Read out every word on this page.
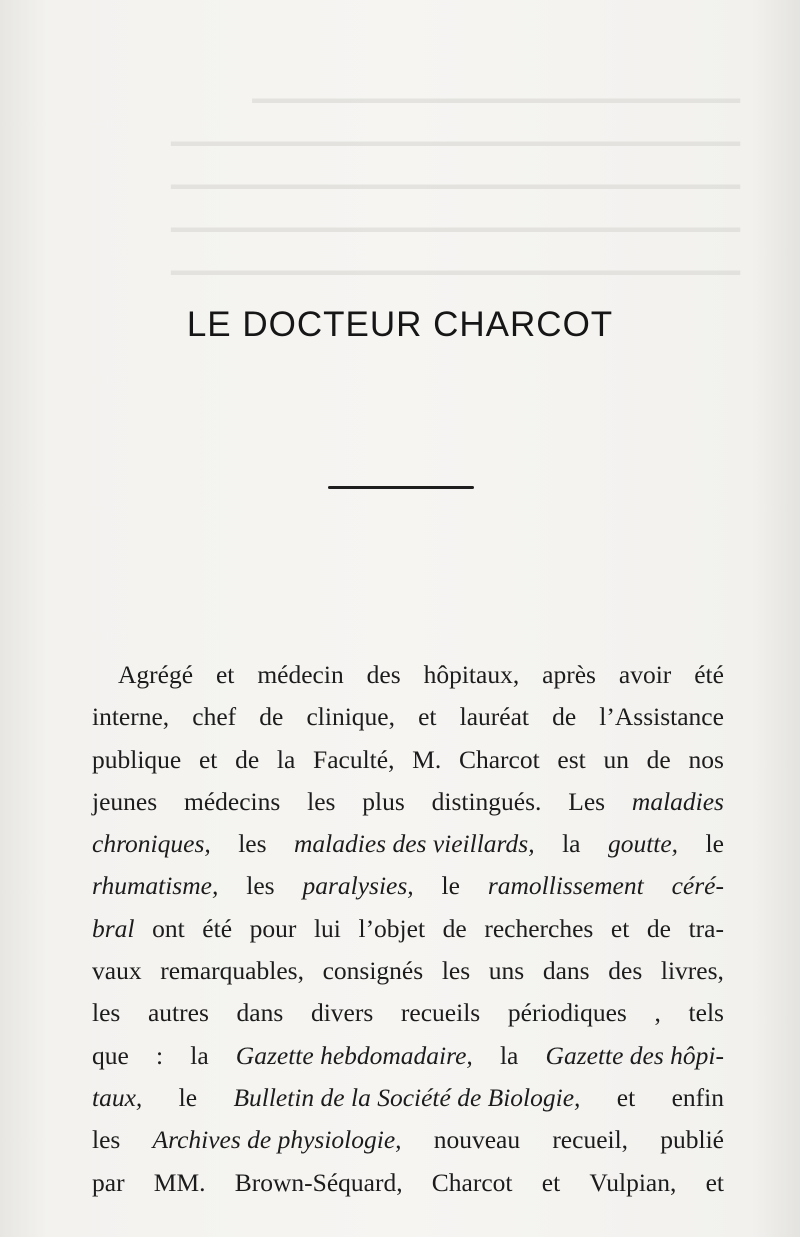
━━━━━━━━━━━━━━━━━━━━━━━━━━━━━━
━━━━━━━━━━━━━━━━━━━━━━━━━━━━━━━━━━━
━━━━━━━━━━━━━━━━━━━━━━━━━━━━━━━━━━━
━━━━━━━━━━━━━━━━━━━━━━━━━━━━━━━━━━━
━━━━━━━━━━━━━━━━━━━━━━━━━━━━━━━━━━━
LE DOCTEUR CHARCOT
Agrégé et médecin des hôpitaux, après avoir été
interne, chef de clinique, et lauréat de l’Assistance
publique et de la Faculté, M. Charcot est un de nos
jeunes médecins les plus distingués. Les maladies
chroniques, les maladies des vieillards, la goutte, le
rhumatisme, les paralysies, le ramollissement céré-
bral ont été pour lui l’objet de recherches et de tra-
vaux remarquables, consignés les uns dans des livres,
les autres dans divers recueils périodiques , tels
que : la Gazette hebdomadaire, la Gazette des hôpi-
taux, le Bulletin de la Société de Biologie, et enfin
les Archives de physiologie, nouveau recueil, publié
par MM. Brown-Séquard, Charcot et Vulpian, et
